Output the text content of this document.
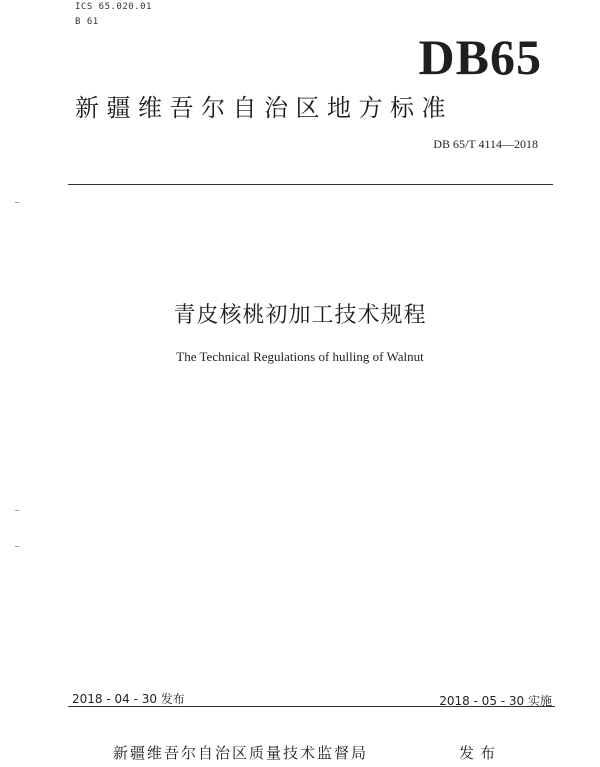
ICS 65.020.01
B 61
DB65
新疆维吾尔自治区地方标准
DB 65/T 4114—2018
青皮核桃初加工技术规程
The Technical Regulations of hulling of Walnut
2018 - 04 - 30 发布	2018 - 05 - 30 实施
新疆维吾尔自治区质量技术监督局	发布
